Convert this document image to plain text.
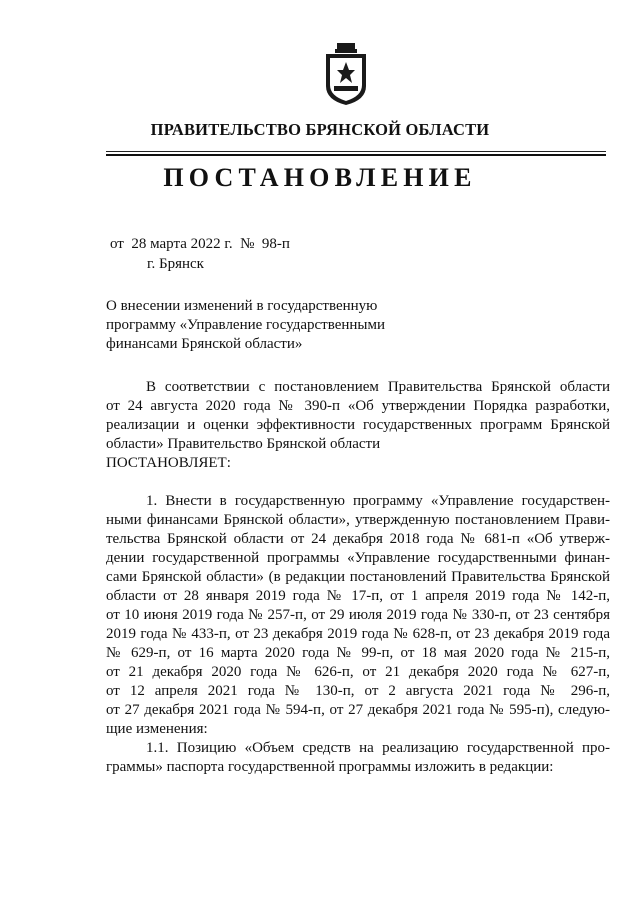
ПРАВИТЕЛЬСТВО БРЯНСКОЙ ОБЛАСТИ
ПОСТАНОВЛЕНИЕ
от  28 марта 2022 г.  №  98-п
г. Брянск
О внесении изменений в государственную
программу «Управление государственными
финансами Брянской области»
В соответствии с постановлением Правительства Брянской области
от 24 августа 2020 года № 390-п «Об утверждении Порядка разработки,
реализации и оценки эффективности государственных программ Брянской
области» Правительство Брянской области
ПОСТАНОВЛЯЕТ:
1. Внести в государственную программу «Управление государствен-
ными финансами Брянской области», утвержденную постановлением Прави-
тельства Брянской области от 24 декабря 2018 года № 681-п «Об утверж-
дении государственной программы «Управление государственными финан-
сами Брянской области» (в редакции постановлений Правительства Брянской
области от 28 января 2019 года № 17-п, от 1 апреля 2019 года № 142-п,
от 10 июня 2019 года № 257-п, от 29 июля 2019 года № 330-п, от 23 сентября
2019 года № 433-п, от 23 декабря 2019 года № 628-п, от 23 декабря 2019 года
№ 629-п, от 16 марта 2020 года № 99-п, от 18 мая 2020 года № 215-п,
от 21 декабря 2020 года № 626-п, от 21 декабря 2020 года № 627-п,
от 12 апреля 2021 года № 130-п, от 2 августа 2021 года № 296-п,
от 27 декабря 2021 года № 594-п, от 27 декабря 2021 года № 595-п), следую-
щие изменения:
1.1. Позицию «Объем средств на реализацию государственной про-
граммы» паспорта государственной программы изложить в редакции:
